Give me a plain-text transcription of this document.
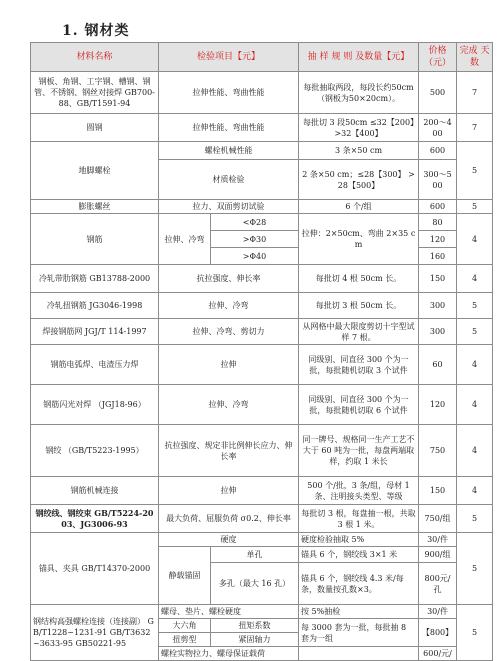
1. 钢材类
材料名称	检验项目【元】		抽 样 规 则 及数量【元】	价格 （元）	完成 天数
钢板、角钢、工字钢、槽钢、钢管、不锈钢、钢丝对接焊 GB700-88、GB/T1591-94	拉伸性能、弯曲性能		每批抽取两段，每段长约50cm（钢板为50×20cm）。	500	7
圆钢	拉伸性能、弯曲性能		每批切 3 段50cm ≤32【200】>32【400】	200～400	7
地脚螺栓	螺栓机械性能		3 条×50 cm	600	5
	材质检验		2 条×50 cm；≤28【300】 >28【500】	300～500	
膨胀螺丝	拉力、双面剪切试验		6 个/组	600	5
钢筋	拉伸、冷弯	<Φ28	拉伸：2×50cm、弯曲 2×35 cm	80	4
		>Φ30		120	
		>Φ40		160	
冷轧带肋钢筋 GB13788-2000	抗拉强度、伸长率		每批切 4 根 50cm 长。	150	4
冷轧扭钢筋 JG3046-1998	拉伸、冷弯		每批切 3 根 50cm 长。	300	5
焊接钢筋网 JGJ/T 114-1997	拉伸、冷弯、剪切力		从网格中最大限度剪切十字型试样 7 根。	300	5
钢筋电弧焊、电渣压力焊	拉伸		同级别、同直径 300 个为一批，每批随机切取 3 个试件	60	4
钢筋闪光对焊 （JGJ18-96）	拉伸、冷弯		同级别、同直径 300 个为一批，每批随机切取 6 个试件	120	4
钢绞 （GB/T5223-1995）	抗拉强度、规定非比例伸长应力、伸长率		同一牌号、规格同一生产工艺不大于 60 吨为一批，每盘两端取样，约取 1 米长	750	4
钢筋机械连接	拉伸		500 个/批，3 条/组，母材 1 条、注明接头类型、等级	150	4
钢绞线、钢绞束 GB/T5224-2003、JG3006-93	最大负荷、屈服负荷 σ0.2、伸长率		每批切 3 根，每盘抽一根，共取 3 根 1 米。	750/组	5
锚具、夹具 GB/T14370-2000	硬度		硬度检验抽取 5%	30/件	5
	静载锚固	单孔	锚具 6 个，钢绞线 3×1 米	900/组	
		多孔（最大 16 孔）	锚具 6 个，钢绞线 4.3 米/每条，数量按孔数×3。	800元/孔	
钢结构高强螺栓连接（连接副） GB/T1228~1231-91 GB/T3632~3633-95 GB50221-95	螺母、垫片、螺栓硬度		按 5%抽检	30/件	5
	大六角	扭矩系数	每 3000 套为一批，每批抽 8 套为一组	【800】	
	扭剪型	紧固轴力			
	螺栓实物拉力、螺母保证载荷			600/元/	
